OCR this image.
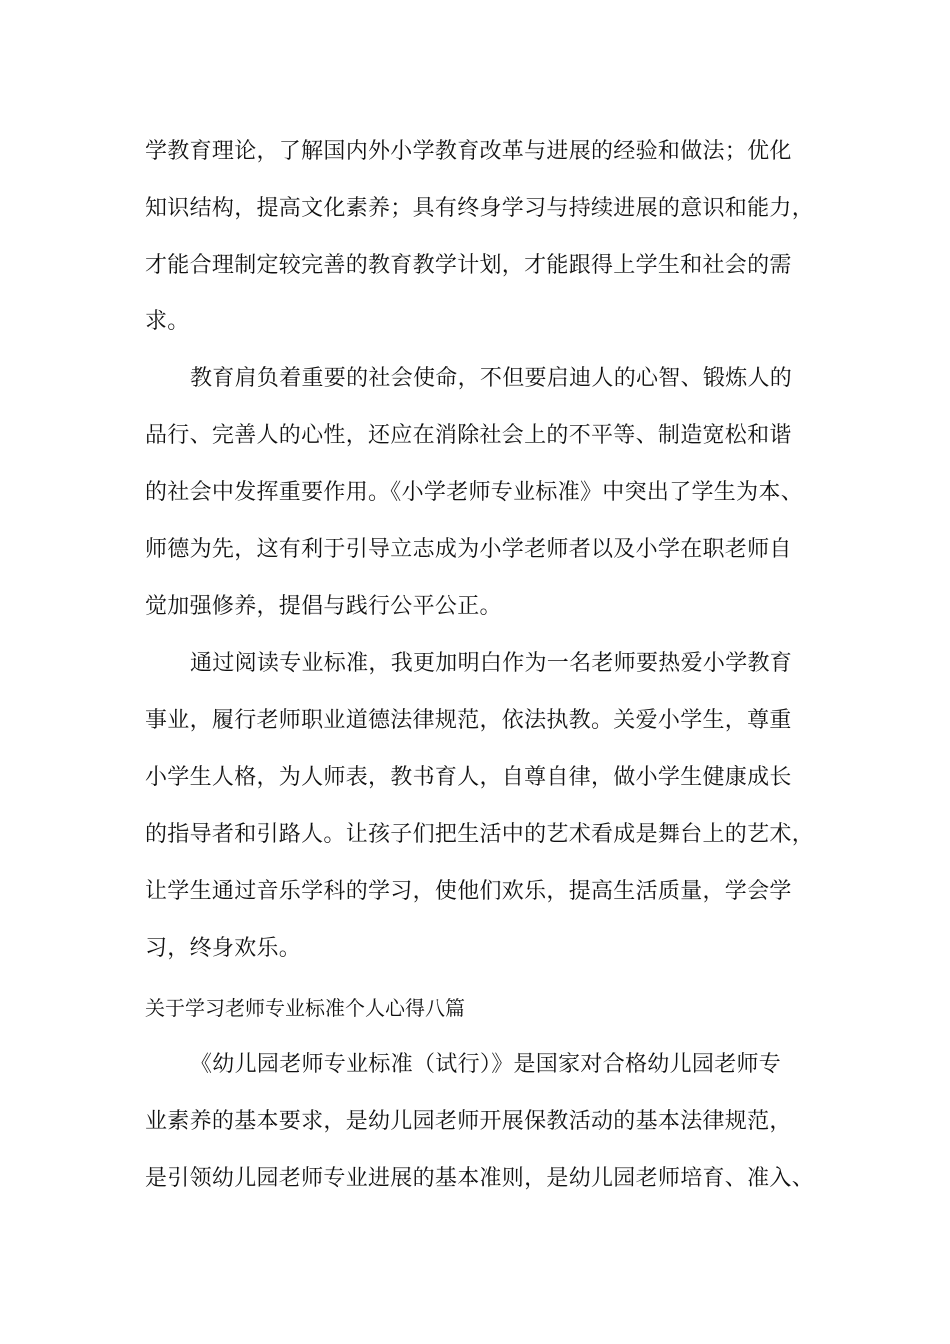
学教育理论，了解国内外小学教育改革与进展的经验和做法；优化
知识结构，提高文化素养；具有终身学习与持续进展的意识和能力，
才能合理制定较完善的教育教学计划，才能跟得上学生和社会的需
求。
教育肩负着重要的社会使命，不但要启迪人的心智、锻炼人的
品行、完善人的心性，还应在消除社会上的不平等、制造宽松和谐
的社会中发挥重要作用。《小学老师专业标准》中突出了学生为本、
师德为先，这有利于引导立志成为小学老师者以及小学在职老师自
觉加强修养，提倡与践行公平公正。
通过阅读专业标准，我更加明白作为一名老师要热爱小学教育
事业，履行老师职业道德法律规范，依法执教。关爱小学生，尊重
小学生人格，为人师表，教书育人，自尊自律，做小学生健康成长
的指导者和引路人。让孩子们把生活中的艺术看成是舞台上的艺术，
让学生通过音乐学科的学习，使他们欢乐，提高生活质量，学会学
习，终身欢乐。
关于学习老师专业标准个人心得八篇
《幼儿园老师专业标准（试行）》是国家对合格幼儿园老师专
业素养的基本要求，是幼儿园老师开展保教活动的基本法律规范，
是引领幼儿园老师专业进展的基本准则，是幼儿园老师培育、准入、
